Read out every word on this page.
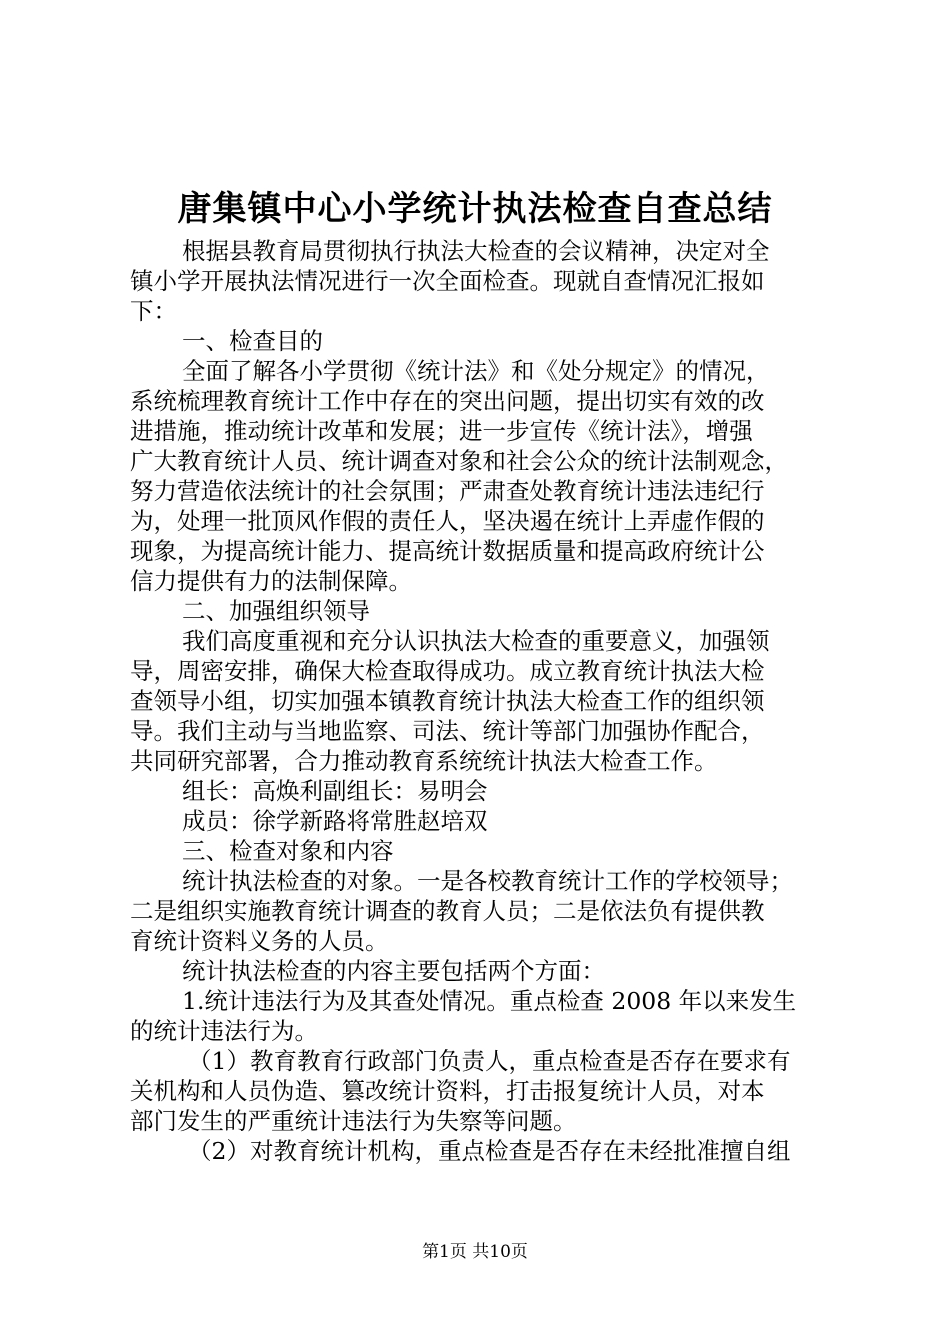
唐集镇中心小学统计执法检查自查总结
根据县教育局贯彻执行执法大检查的会议精神，决定对全
镇小学开展执法情况进行一次全面检查。现就自查情况汇报如
下：
一、检查目的
全面了解各小学贯彻《统计法》和《处分规定》的情况，
系统梳理教育统计工作中存在的突出问题，提出切实有效的改
进措施，推动统计改革和发展；进一步宣传《统计法》，增强
广大教育统计人员、统计调查对象和社会公众的统计法制观念，
努力营造依法统计的社会氛围；严肃查处教育统计违法违纪行
为，处理一批顶风作假的责任人，坚决遏在统计上弄虚作假的
现象，为提高统计能力、提高统计数据质量和提高政府统计公
信力提供有力的法制保障。
二、加强组织领导
我们高度重视和充分认识执法大检查的重要意义，加强领
导，周密安排，确保大检查取得成功。成立教育统计执法大检
查领导小组，切实加强本镇教育统计执法大检查工作的组织领
导。我们主动与当地监察、司法、统计等部门加强协作配合，
共同研究部署，合力推动教育系统统计执法大检查工作。
组长：高焕利副组长：易明会
成员：徐学新路将常胜赵培双
三、检查对象和内容
统计执法检查的对象。一是各校教育统计工作的学校领导；
二是组织实施教育统计调查的教育人员；二是依法负有提供教
育统计资料义务的人员。
统计执法检查的内容主要包括两个方面：
1.统计违法行为及其查处情况。重点检查 2008 年以来发生
的统计违法行为。
（1）教育教育行政部门负责人，重点检查是否存在要求有
关机构和人员伪造、篡改统计资料，打击报复统计人员，对本
部门发生的严重统计违法行为失察等问题。
（2）对教育统计机构，重点检查是否存在未经批准擅自组
第1页 共10页
